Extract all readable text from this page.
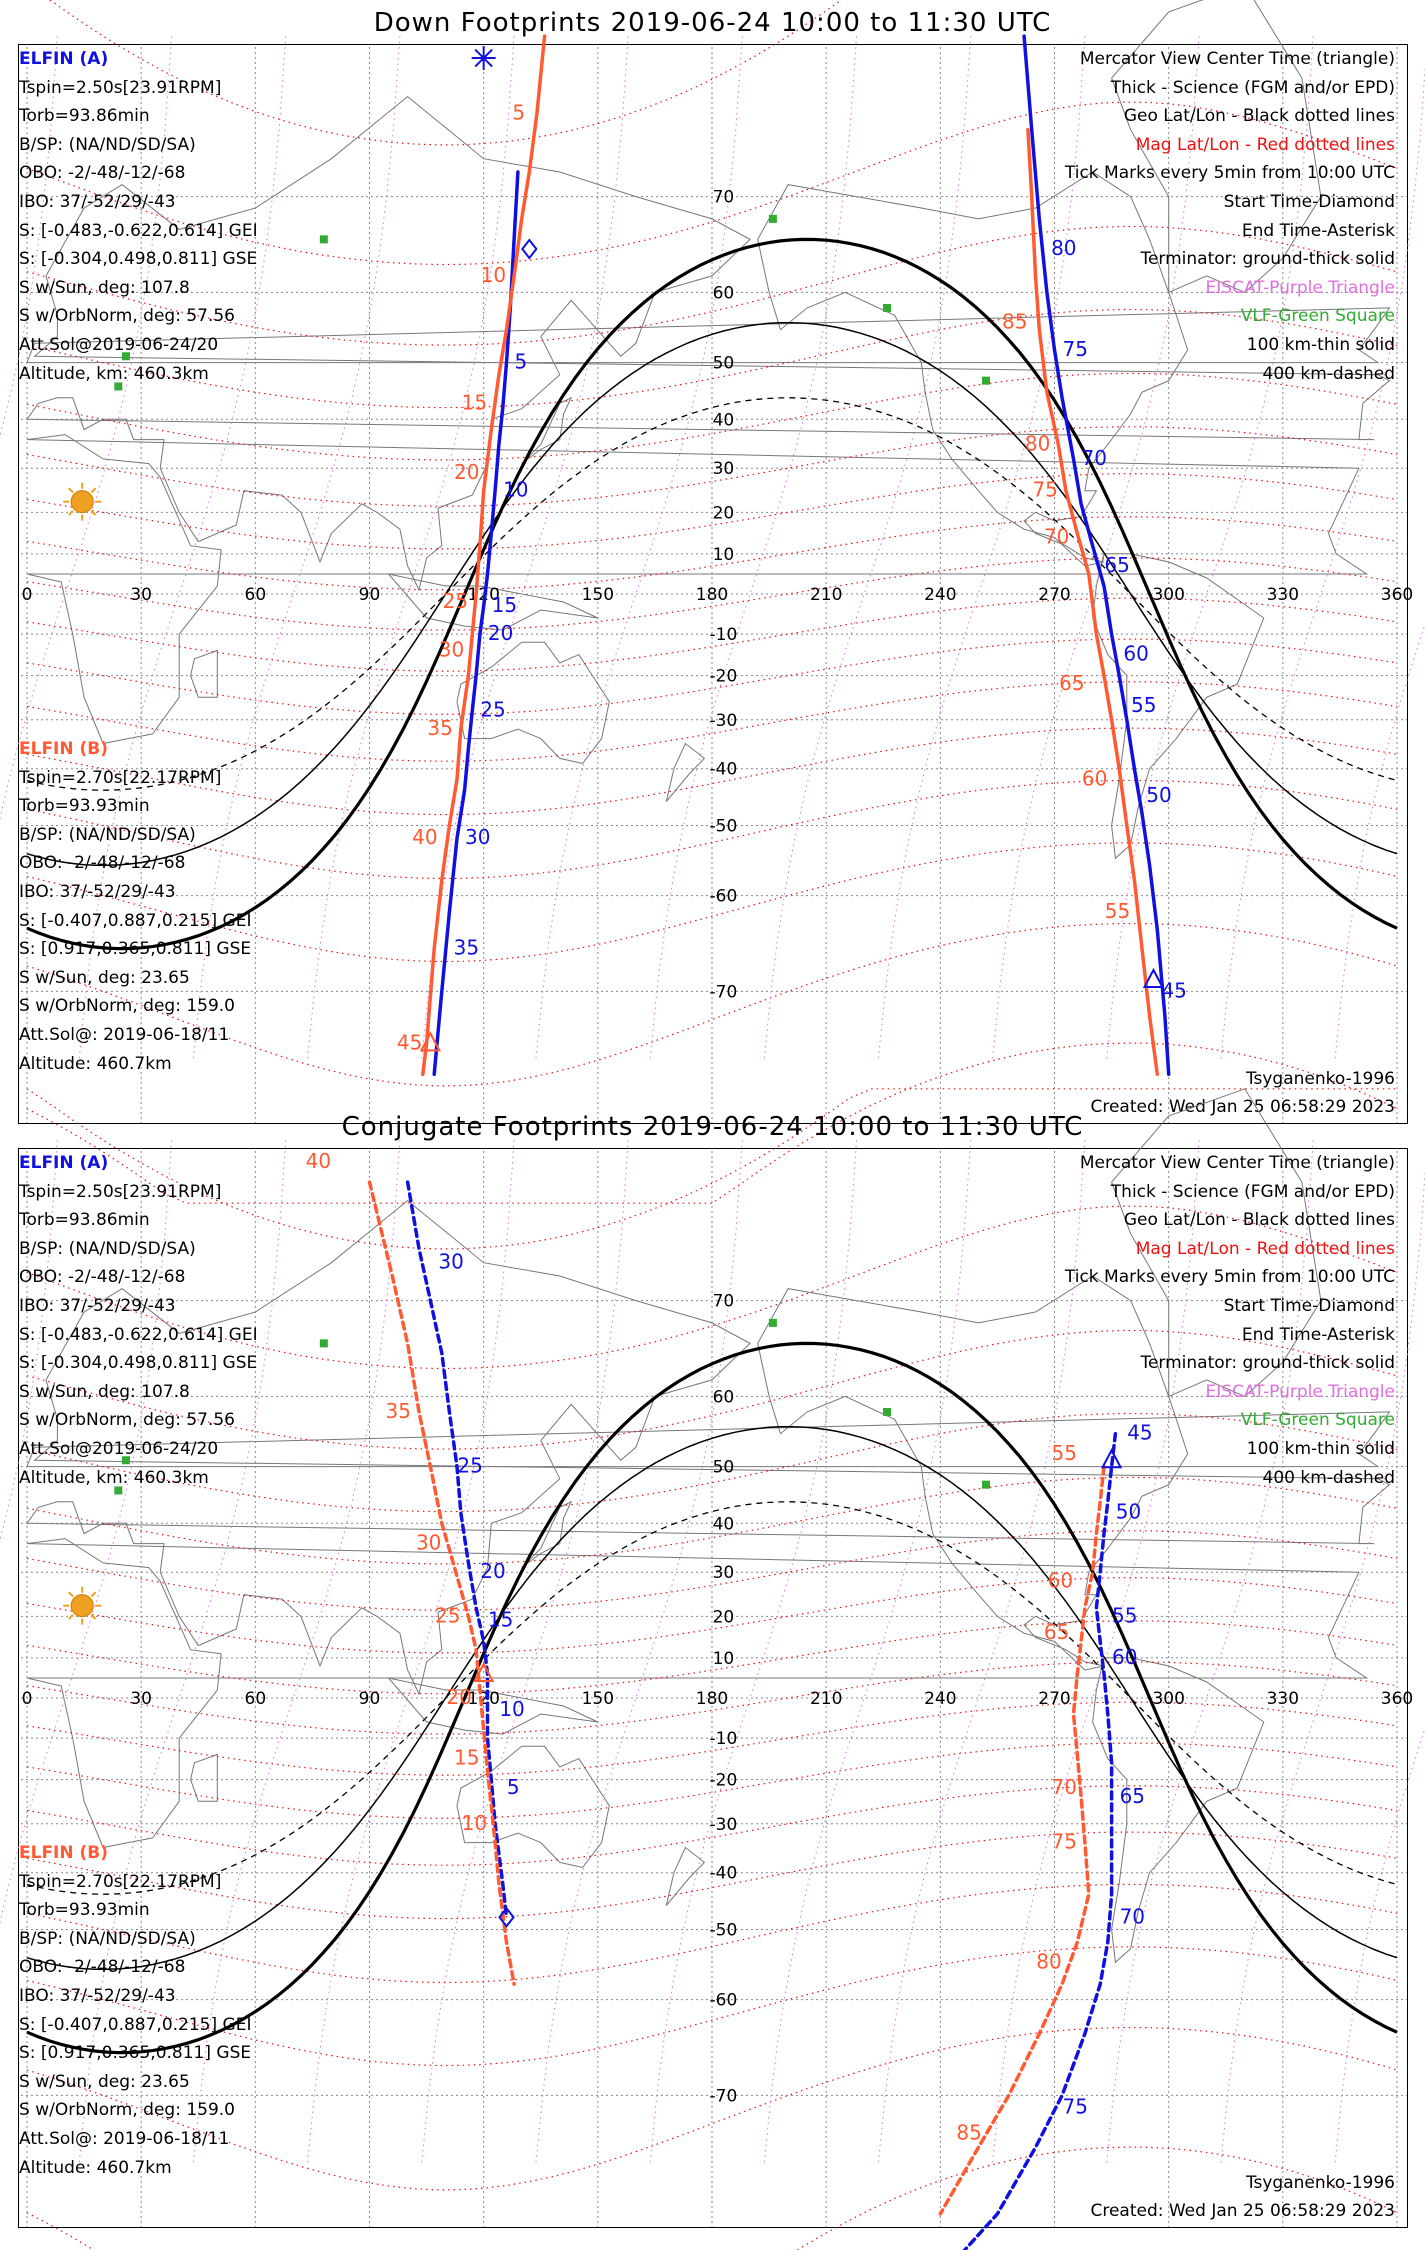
Down Footprints 2019-06-24 10:00 to 11:30 UTC
0	30	60	90	120	150	180	210	240	270	300	330	360
70
60
50
40
30
20
10
-10
-20
-30
-40
-50
-60
-70
5
10
15
20
25
30
35
5
10
15
20
25
30
35
40
45
80
75
70
65
60
55
50
45
85
80
75
70
65
60
55
ELFIN (A)
Tspin=2.50s[23.91RPM]
Torb=93.86min
B/SP: (NA/ND/SD/SA)
OBO: -2/-48/-12/-68
IBO: 37/-52/29/-43
S: [-0.483,-0.622,0.614] GEI
S: [-0.304,0.498,0.811] GSE
S w/Sun, deg: 107.8
S w/OrbNorm, deg: 57.56
Att.Sol@2019-06-24/20
Altitude, km: 460.3km
ELFIN (B)
Tspin=2.70s[22.17RPM]
Torb=93.93min
B/SP: (NA/ND/SD/SA)
OBO: -2/-48/-12/-68
IBO: 37/-52/29/-43
S: [-0.407,0.887,0.215] GEI
S: [0.917,0.365,0.811] GSE
S w/Sun, deg: 23.65
S w/OrbNorm, deg: 159.0
Att.Sol@: 2019-06-18/11
Altitude: 460.7km
Mercator View Center Time (triangle)
Thick - Science (FGM and/or EPD)
Geo Lat/Lon - Black dotted lines
Mag Lat/Lon - Red dotted lines
Tick Marks every 5min from 10:00 UTC
Start Time-Diamond
End Time-Asterisk
Terminator: ground-thick solid
EISCAT-Purple Triangle
VLF-Green Square
100 km-thin solid
400 km-dashed
Tsyganenko-1996
Created: Wed Jan 25 06:58:29 2023
Conjugate Footprints 2019-06-24 10:00 to 11:30 UTC
0	30	60	90	120	150	180	210	240	270	300	330	360
70
60
50
40
30
20
10
-10
-20
-30
-40
-50
-60
-70
30
25
20
15
10
5
40
35
30
25
20
15
10
45
50
55
60
65
70
75
55
60
65
70
75
80
85
ELFIN (A)
Tspin=2.50s[23.91RPM]
Torb=93.86min
B/SP: (NA/ND/SD/SA)
OBO: -2/-48/-12/-68
IBO: 37/-52/29/-43
S: [-0.483,-0.622,0.614] GEI
S: [-0.304,0.498,0.811] GSE
S w/Sun, deg: 107.8
S w/OrbNorm, deg: 57.56
Att.Sol@2019-06-24/20
Altitude, km: 460.3km
ELFIN (B)
Tspin=2.70s[22.17RPM]
Torb=93.93min
B/SP: (NA/ND/SD/SA)
OBO: -2/-48/-12/-68
IBO: 37/-52/29/-43
S: [-0.407,0.887,0.215] GEI
S: [0.917,0.365,0.811] GSE
S w/Sun, deg: 23.65
S w/OrbNorm, deg: 159.0
Att.Sol@: 2019-06-18/11
Altitude: 460.7km
Mercator View Center Time (triangle)
Thick - Science (FGM and/or EPD)
Geo Lat/Lon - Black dotted lines
Mag Lat/Lon - Red dotted lines
Tick Marks every 5min from 10:00 UTC
Start Time-Diamond
End Time-Asterisk
Terminator: ground-thick solid
EISCAT-Purple Triangle
VLF-Green Square
100 km-thin solid
400 km-dashed
Tsyganenko-1996
Created: Wed Jan 25 06:58:29 2023
